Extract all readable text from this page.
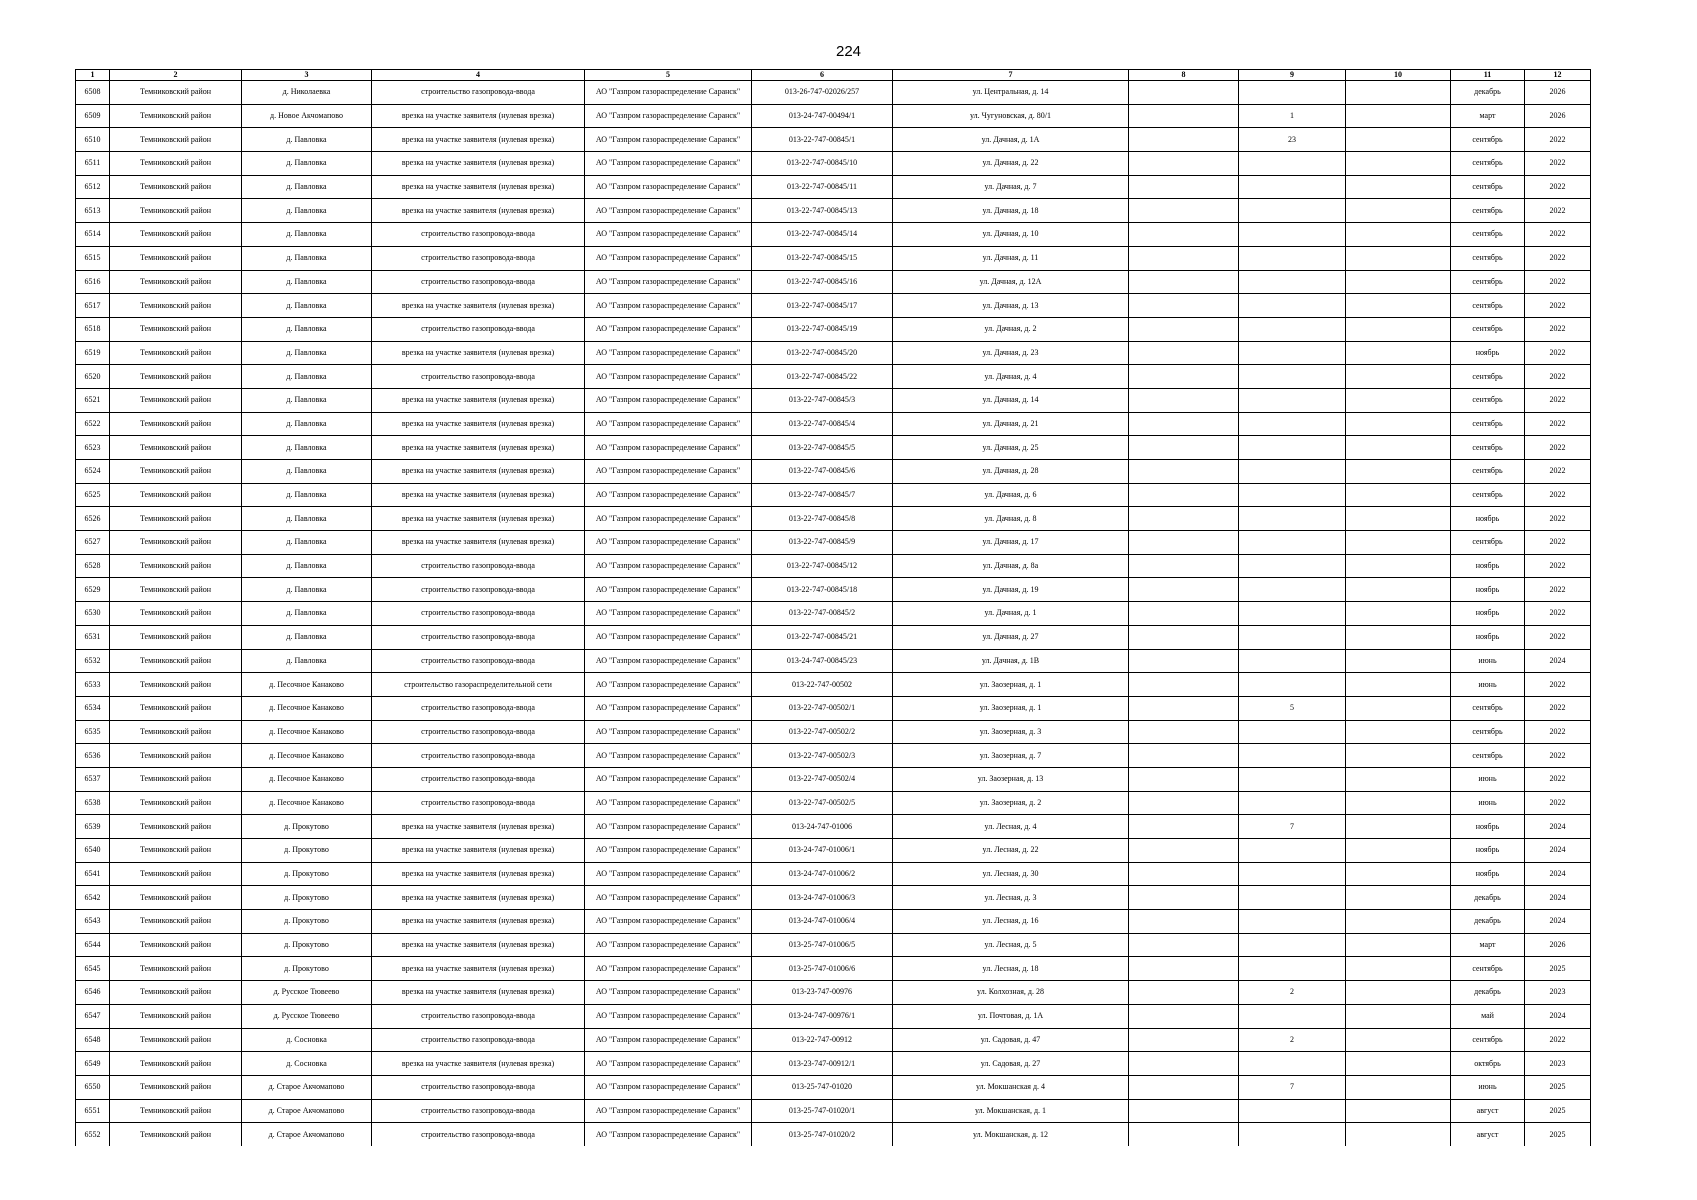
224
1	2	3	4	5	6	7	8	9	10	11	12
6508	Темниковский район	д. Николаевка	строительство газопровода-ввода	АО "Газпром газораспределение Саранск"	013-26-747-02026/257	ул. Центральная, д. 14				декабрь	2026
6509	Темниковский район	д. Новое Акчомапово	врезка на участке заявителя (нулевая врезка)	АО "Газпром газораспределение Саранск"	013-24-747-00494/1	ул. Чугуновская, д. 80/1		1		март	2026
6510	Темниковский район	д. Павловка	врезка на участке заявителя (нулевая врезка)	АО "Газпром газораспределение Саранск"	013-22-747-00845/1	ул. Дачная, д. 1А		23		сентябрь	2022
6511	Темниковский район	д. Павловка	врезка на участке заявителя (нулевая врезка)	АО "Газпром газораспределение Саранск"	013-22-747-00845/10	ул. Дачная, д. 22				сентябрь	2022
6512	Темниковский район	д. Павловка	врезка на участке заявителя (нулевая врезка)	АО "Газпром газораспределение Саранск"	013-22-747-00845/11	ул. Дачная, д. 7				сентябрь	2022
6513	Темниковский район	д. Павловка	врезка на участке заявителя (нулевая врезка)	АО "Газпром газораспределение Саранск"	013-22-747-00845/13	ул. Дачная, д. 18				сентябрь	2022
6514	Темниковский район	д. Павловка	строительство газопровода-ввода	АО "Газпром газораспределение Саранск"	013-22-747-00845/14	ул. Дачная, д. 10				сентябрь	2022
6515	Темниковский район	д. Павловка	строительство газопровода-ввода	АО "Газпром газораспределение Саранск"	013-22-747-00845/15	ул. Дачная, д. 11				сентябрь	2022
6516	Темниковский район	д. Павловка	строительство газопровода-ввода	АО "Газпром газораспределение Саранск"	013-22-747-00845/16	ул. Дачная, д. 12А				сентябрь	2022
6517	Темниковский район	д. Павловка	врезка на участке заявителя (нулевая врезка)	АО "Газпром газораспределение Саранск"	013-22-747-00845/17	ул. Дачная, д. 13				сентябрь	2022
6518	Темниковский район	д. Павловка	строительство газопровода-ввода	АО "Газпром газораспределение Саранск"	013-22-747-00845/19	ул. Дачная, д. 2				сентябрь	2022
6519	Темниковский район	д. Павловка	врезка на участке заявителя (нулевая врезка)	АО "Газпром газораспределение Саранск"	013-22-747-00845/20	ул. Дачная, д. 23				ноябрь	2022
6520	Темниковский район	д. Павловка	строительство газопровода-ввода	АО "Газпром газораспределение Саранск"	013-22-747-00845/22	ул. Дачная, д. 4				сентябрь	2022
6521	Темниковский район	д. Павловка	врезка на участке заявителя (нулевая врезка)	АО "Газпром газораспределение Саранск"	013-22-747-00845/3	ул. Дачная, д. 14				сентябрь	2022
6522	Темниковский район	д. Павловка	врезка на участке заявителя (нулевая врезка)	АО "Газпром газораспределение Саранск"	013-22-747-00845/4	ул. Дачная, д. 21				сентябрь	2022
6523	Темниковский район	д. Павловка	врезка на участке заявителя (нулевая врезка)	АО "Газпром газораспределение Саранск"	013-22-747-00845/5	ул. Дачная, д. 25				сентябрь	2022
6524	Темниковский район	д. Павловка	врезка на участке заявителя (нулевая врезка)	АО "Газпром газораспределение Саранск"	013-22-747-00845/6	ул. Дачная, д. 28				сентябрь	2022
6525	Темниковский район	д. Павловка	врезка на участке заявителя (нулевая врезка)	АО "Газпром газораспределение Саранск"	013-22-747-00845/7	ул. Дачная, д. 6				сентябрь	2022
6526	Темниковский район	д. Павловка	врезка на участке заявителя (нулевая врезка)	АО "Газпром газораспределение Саранск"	013-22-747-00845/8	ул. Дачная, д. 8				ноябрь	2022
6527	Темниковский район	д. Павловка	врезка на участке заявителя (нулевая врезка)	АО "Газпром газораспределение Саранск"	013-22-747-00845/9	ул. Дачная, д. 17				сентябрь	2022
6528	Темниковский район	д. Павловка	строительство газопровода-ввода	АО "Газпром газораспределение Саранск"	013-22-747-00845/12	ул. Дачная, д. 8а				ноябрь	2022
6529	Темниковский район	д. Павловка	строительство газопровода-ввода	АО "Газпром газораспределение Саранск"	013-22-747-00845/18	ул. Дачная, д. 19				ноябрь	2022
6530	Темниковский район	д. Павловка	строительство газопровода-ввода	АО "Газпром газораспределение Саранск"	013-22-747-00845/2	ул. Дачная, д. 1				ноябрь	2022
6531	Темниковский район	д. Павловка	строительство газопровода-ввода	АО "Газпром газораспределение Саранск"	013-22-747-00845/21	ул. Дачная, д. 27				ноябрь	2022
6532	Темниковский район	д. Павловка	строительство газопровода-ввода	АО "Газпром газораспределение Саранск"	013-24-747-00845/23	ул. Дачная, д. 1В				июнь	2024
6533	Темниковский район	д. Песочное Канаково	строительство газораспределительной сети	АО "Газпром газораспределение Саранск"	013-22-747-00502	ул. Заозерная, д. 1				июнь	2022
6534	Темниковский район	д. Песочное Канаково	строительство газопровода-ввода	АО "Газпром газораспределение Саранск"	013-22-747-00502/1	ул. Заозерная, д. 1		5		сентябрь	2022
6535	Темниковский район	д. Песочное Канаково	строительство газопровода-ввода	АО "Газпром газораспределение Саранск"	013-22-747-00502/2	ул. Заозерная, д. 3				сентябрь	2022
6536	Темниковский район	д. Песочное Канаково	строительство газопровода-ввода	АО "Газпром газораспределение Саранск"	013-22-747-00502/3	ул. Заозерная, д. 7				сентябрь	2022
6537	Темниковский район	д. Песочное Канаково	строительство газопровода-ввода	АО "Газпром газораспределение Саранск"	013-22-747-00502/4	ул. Заозерная, д. 13				июнь	2022
6538	Темниковский район	д. Песочное Канаково	строительство газопровода-ввода	АО "Газпром газораспределение Саранск"	013-22-747-00502/5	ул. Заозерная, д. 2				июнь	2022
6539	Темниковский район	д. Прокутово	врезка на участке заявителя (нулевая врезка)	АО "Газпром газораспределение Саранск"	013-24-747-01006	ул. Лесная, д. 4		7		ноябрь	2024
6540	Темниковский район	д. Прокутово	врезка на участке заявителя (нулевая врезка)	АО "Газпром газораспределение Саранск"	013-24-747-01006/1	ул. Лесная, д. 22				ноябрь	2024
6541	Темниковский район	д. Прокутово	врезка на участке заявителя (нулевая врезка)	АО "Газпром газораспределение Саранск"	013-24-747-01006/2	ул. Лесная, д. 30				ноябрь	2024
6542	Темниковский район	д. Прокутово	врезка на участке заявителя (нулевая врезка)	АО "Газпром газораспределение Саранск"	013-24-747-01006/3	ул. Лесная, д. 3				декабрь	2024
6543	Темниковский район	д. Прокутово	врезка на участке заявителя (нулевая врезка)	АО "Газпром газораспределение Саранск"	013-24-747-01006/4	ул. Лесная, д. 16				декабрь	2024
6544	Темниковский район	д. Прокутово	врезка на участке заявителя (нулевая врезка)	АО "Газпром газораспределение Саранск"	013-25-747-01006/5	ул. Лесная, д. 5				март	2026
6545	Темниковский район	д. Прокутово	врезка на участке заявителя (нулевая врезка)	АО "Газпром газораспределение Саранск"	013-25-747-01006/6	ул. Лесная, д. 18				сентябрь	2025
6546	Темниковский район	д. Русское Тювеево	врезка на участке заявителя (нулевая врезка)	АО "Газпром газораспределение Саранск"	013-23-747-00976	ул. Колхозная, д. 28		2		декабрь	2023
6547	Темниковский район	д. Русское Тювеево	строительство газопровода-ввода	АО "Газпром газораспределение Саранск"	013-24-747-00976/1	ул. Почтовая, д. 1А				май	2024
6548	Темниковский район	д. Сосновка	строительство газопровода-ввода	АО "Газпром газораспределение Саранск"	013-22-747-00912	ул. Садовая, д. 47		2		сентябрь	2022
6549	Темниковский район	д. Сосновка	врезка на участке заявителя (нулевая врезка)	АО "Газпром газораспределение Саранск"	013-23-747-00912/1	ул. Садовая, д. 27				октябрь	2023
6550	Темниковский район	д. Старое Акчомапово	строительство газопровода-ввода	АО "Газпром газораспределение Саранск"	013-25-747-01020	ул. Мокшанская д. 4		7		июнь	2025
6551	Темниковский район	д. Старое Акчомапово	строительство газопровода-ввода	АО "Газпром газораспределение Саранск"	013-25-747-01020/1	ул. Мокшанская, д. 1				август	2025
6552	Темниковский район	д. Старое Акчомапово	строительство газопровода-ввода	АО "Газпром газораспределение Саранск"	013-25-747-01020/2	ул. Мокшанская, д. 12				август	2025
